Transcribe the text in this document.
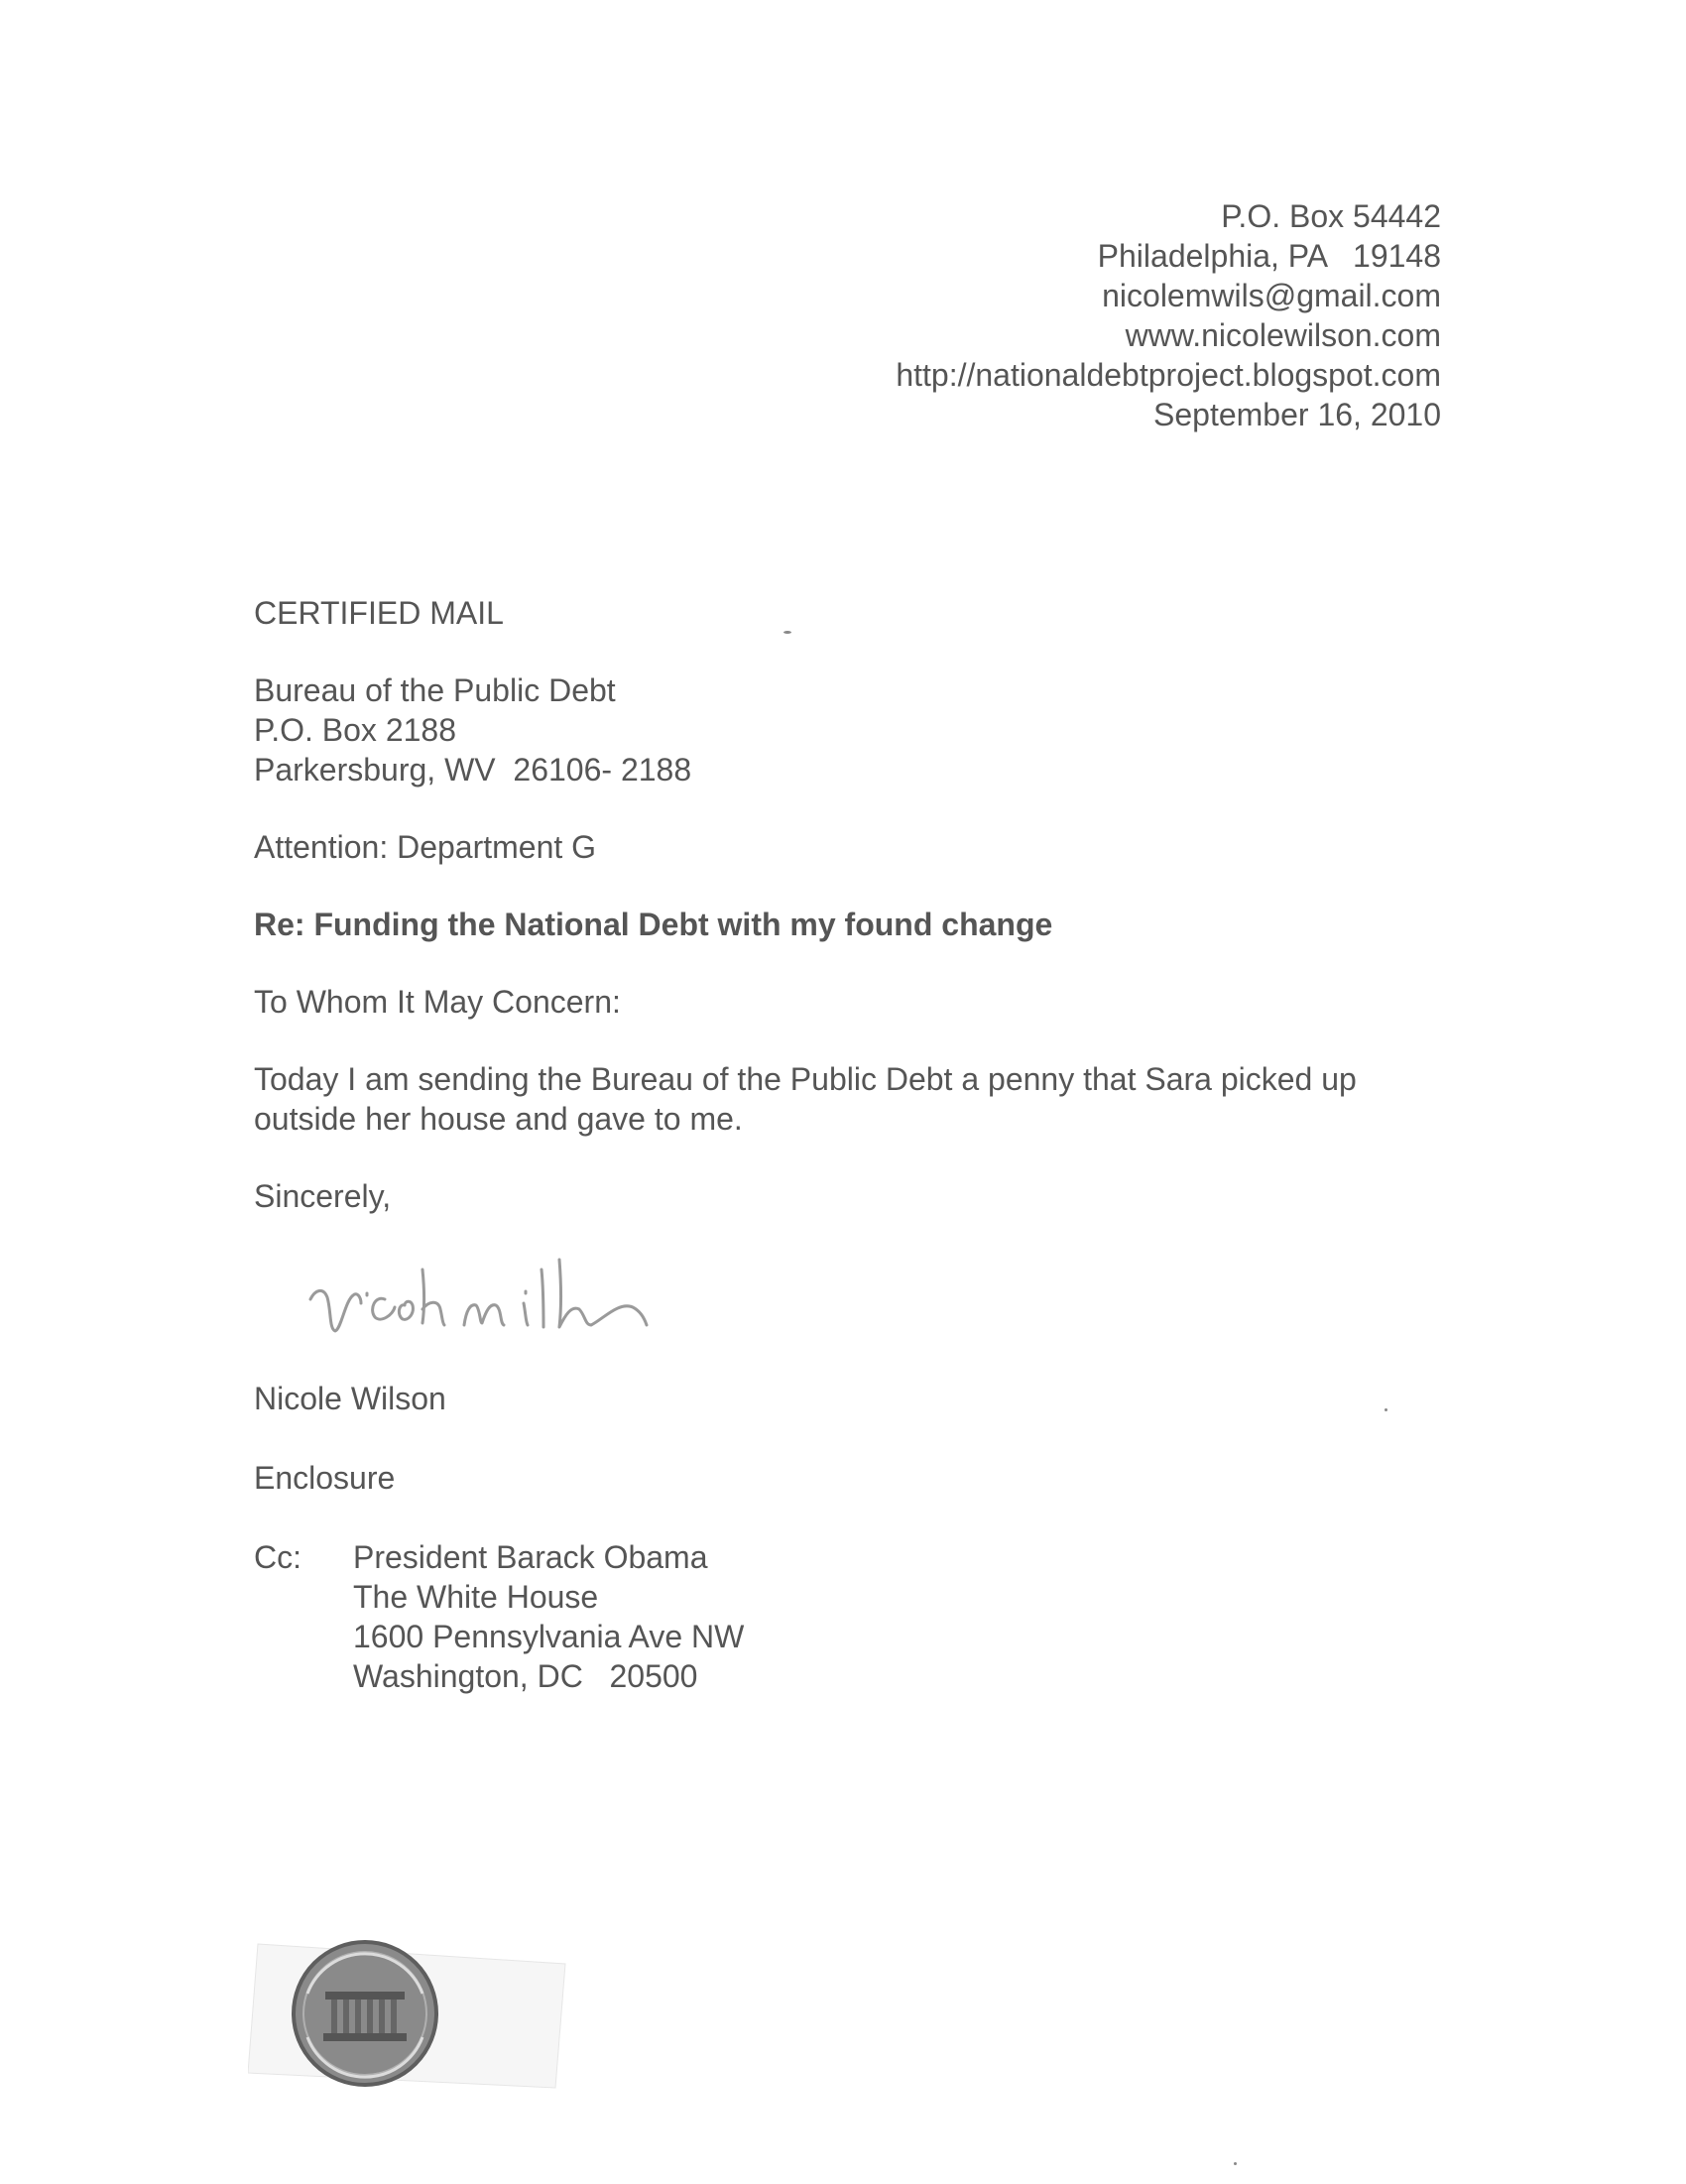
P.O. Box 54442
Philadelphia, PA   19148
nicolemwils@gmail.com
www.nicolewilson.com
http://nationaldebtproject.blogspot.com
September 16, 2010
CERTIFIED MAIL
Bureau of the Public Debt
P.O. Box 2188
Parkersburg, WV  26106- 2188
Attention: Department G
Re: Funding the National Debt with my found change
To Whom It May Concern:
Today I am sending the Bureau of the Public Debt a penny that Sara picked up
outside her house and gave to me.
Sincerely,
Nicole Wilson
Enclosure
Cc: President Barack Obama
The White House
1600 Pennsylvania Ave NW
Washington, DC   20500
